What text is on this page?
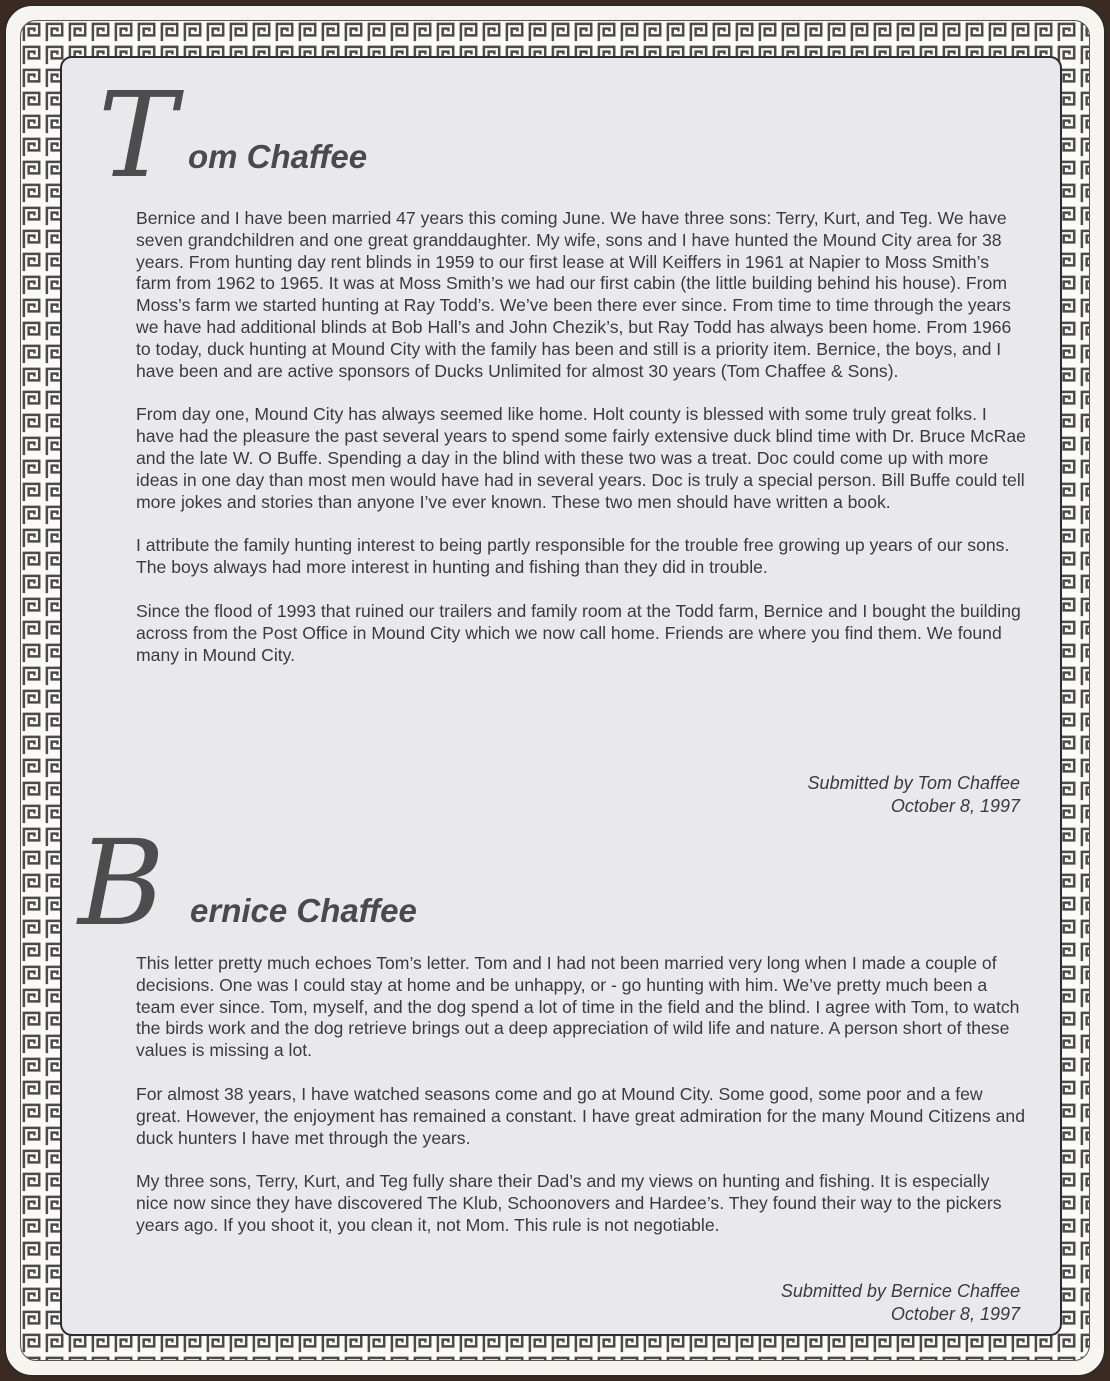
T om Chaffee

Bernice and I have been married 47 years this coming June. We have three sons: Terry, Kurt, and Teg. We have seven grandchildren and one great granddaughter. My wife, sons and I have hunted the Mound City area for 38 years. From hunting day rent blinds in 1959 to our first lease at Will Keiffers in 1961 at Napier to Moss Smith’s farm from 1962 to 1965. It was at Moss Smith’s we had our first cabin (the little building behind his house). From Moss’s farm we started hunting at Ray Todd’s. We’ve been there ever since. From time to time through the years we have had additional blinds at Bob Hall’s and John Chezik’s, but Ray Todd has always been home. From 1966 to today, duck hunting at Mound City with the family has been and still is a priority item. Bernice, the boys, and I have been and are active sponsors of Ducks Unlimited for almost 30 years (Tom Chaffee & Sons).

From day one, Mound City has always seemed like home. Holt county is blessed with some truly great folks. I have had the pleasure the past several years to spend some fairly extensive duck blind time with Dr. Bruce McRae and the late W. O Buffe. Spending a day in the blind with these two was a treat. Doc could come up with more ideas in one day than most men would have had in several years. Doc is truly a special person. Bill Buffe could tell more jokes and stories than anyone I’ve ever known. These two men should have written a book.

I attribute the family hunting interest to being partly responsible for the trouble free growing up years of our sons. The boys always had more interest in hunting and fishing than they did in trouble.

Since the flood of 1993 that ruined our trailers and family room at the Todd farm, Bernice and I bought the building across from the Post Office in Mound City which we now call home. Friends are where you find them. We found many in Mound City.

Submitted by Tom Chaffee
October 8, 1997
B ernice Chaffee

This letter pretty much echoes Tom’s letter. Tom and I had not been married very long when I made a couple of decisions. One was I could stay at home and be unhappy, or - go hunting with him. We’ve pretty much been a team ever since. Tom, myself, and the dog spend a lot of time in the field and the blind. I agree with Tom, to watch the birds work and the dog retrieve brings out a deep appreciation of wild life and nature. A person short of these values is missing a lot.

For almost 38 years, I have watched seasons come and go at Mound City. Some good, some poor and a few great. However, the enjoyment has remained a constant. I have great admiration for the many Mound Citizens and duck hunters I have met through the years.

My three sons, Terry, Kurt, and Teg fully share their Dad’s and my views on hunting and fishing. It is especially nice now since they have discovered The Klub, Schoonovers and Hardee’s. They found their way to the pickers years ago. If you shoot it, you clean it, not Mom. This rule is not negotiable.

Submitted by Bernice Chaffee
October 8, 1997
